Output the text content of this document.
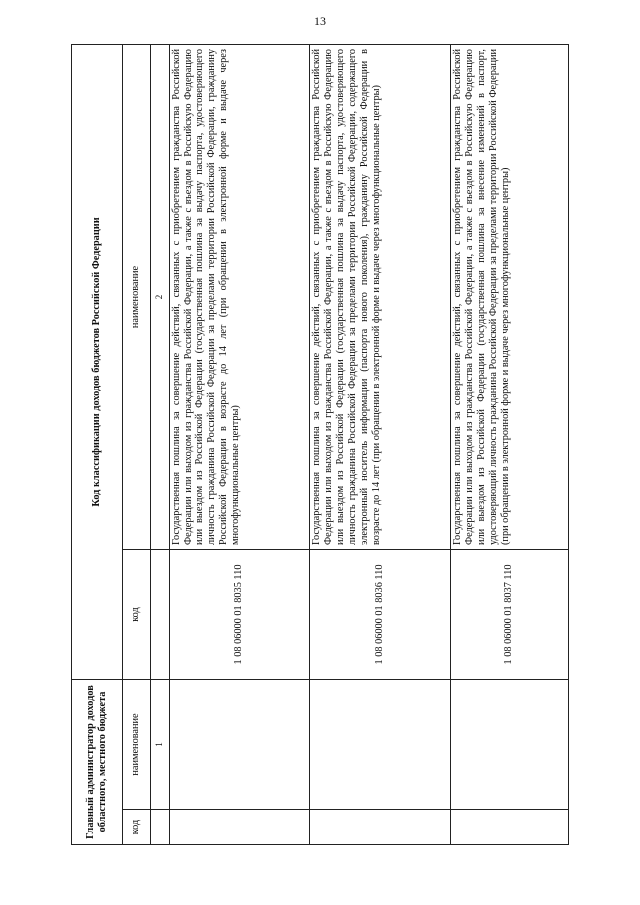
13
Главный администратор доходов областного, местного бюджета		Код классификации доходов бюджетов Российской Федерации	
код	наименование	код	наименование
	1		2
		1 08 06000 01 8035 110	Государственная пошлина за совершение действий, связанных с приобретением гражданства Российской Федерации или выходом из гражданства Российской Федерации, а также с въездом в Российскую Федерацию или выездом из Российской Федерации (государственная пошлина за выдачу паспорта, удостоверяющего личность гражданина Российской Федерации за пределами территории Российской Федерации, гражданину Российской Федерации в возрасте до 14 лет (при обращении в электронной форме и выдаче через многофункциональные центры)
		1 08 06000 01 8036 110	Государственная пошлина за совершение действий, связанных с приобретением гражданства Российской Федерации или выходом из гражданства Российской Федерации, а также с въездом в Российскую Федерацию или выездом из Российской Федерации (государственная пошлина за выдачу паспорта, удостоверяющего личность гражданина Российской Федерации за пределами территории Российской Федерации, содержащего электронный носитель информации (паспорта нового поколения), гражданину Российской Федерации в возрасте до 14 лет (при обращении в электронной форме и выдаче через многофункциональные центры)
		1 08 06000 01 8037 110	Государственная пошлина за совершение действий, связанных с приобретением гражданства Российской Федерации или выходом из гражданства Российской Федерации, а также с въездом в Российскую Федерацию или выездом из Российской Федерации (государственная пошлина за внесение изменений в паспорт, удостоверяющий личность гражданина Российской Федерации за пределами территории Российской Федерации (при обращении в электронной форме и выдаче через многофункциональные центры)
